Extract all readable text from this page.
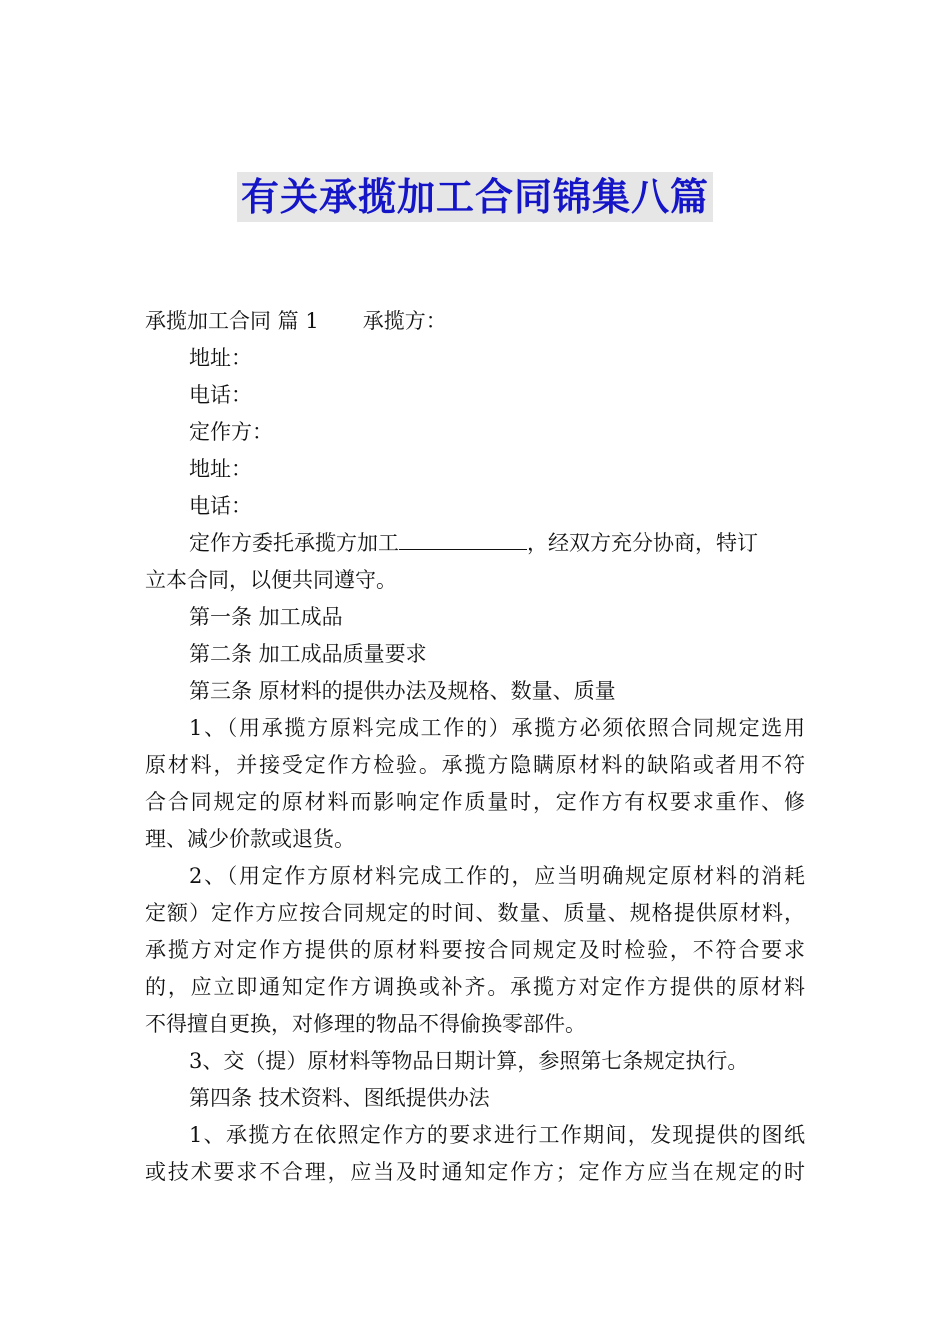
有关承揽加工合同锦集八篇
承揽加工合同 篇 1 承揽方：
地址：
电话：
定作方：
地址：
电话：
定作方委托承揽方加工	，经双方充分协商，特订
立本合同，以便共同遵守。
第一条 加工成品
第二条 加工成品质量要求
第三条 原材料的提供办法及规格、数量、质量
1、（用承揽方原料完成工作的）承揽方必须依照合同规定选用
原材料，并接受定作方检验。承揽方隐瞒原材料的缺陷或者用不符
合合同规定的原材料而影响定作质量时，定作方有权要求重作、修
理、减少价款或退货。
2、（用定作方原材料完成工作的，应当明确规定原材料的消耗
定额）定作方应按合同规定的时间、数量、质量、规格提供原材料，
承揽方对定作方提供的原材料要按合同规定及时检验，不符合要求
的，应立即通知定作方调换或补齐。承揽方对定作方提供的原材料
不得擅自更换，对修理的物品不得偷换零部件。
3、交（提）原材料等物品日期计算，参照第七条规定执行。
第四条 技术资料、图纸提供办法
1、承揽方在依照定作方的要求进行工作期间，发现提供的图纸
或技术要求不合理，应当及时通知定作方；定作方应当在规定的时
